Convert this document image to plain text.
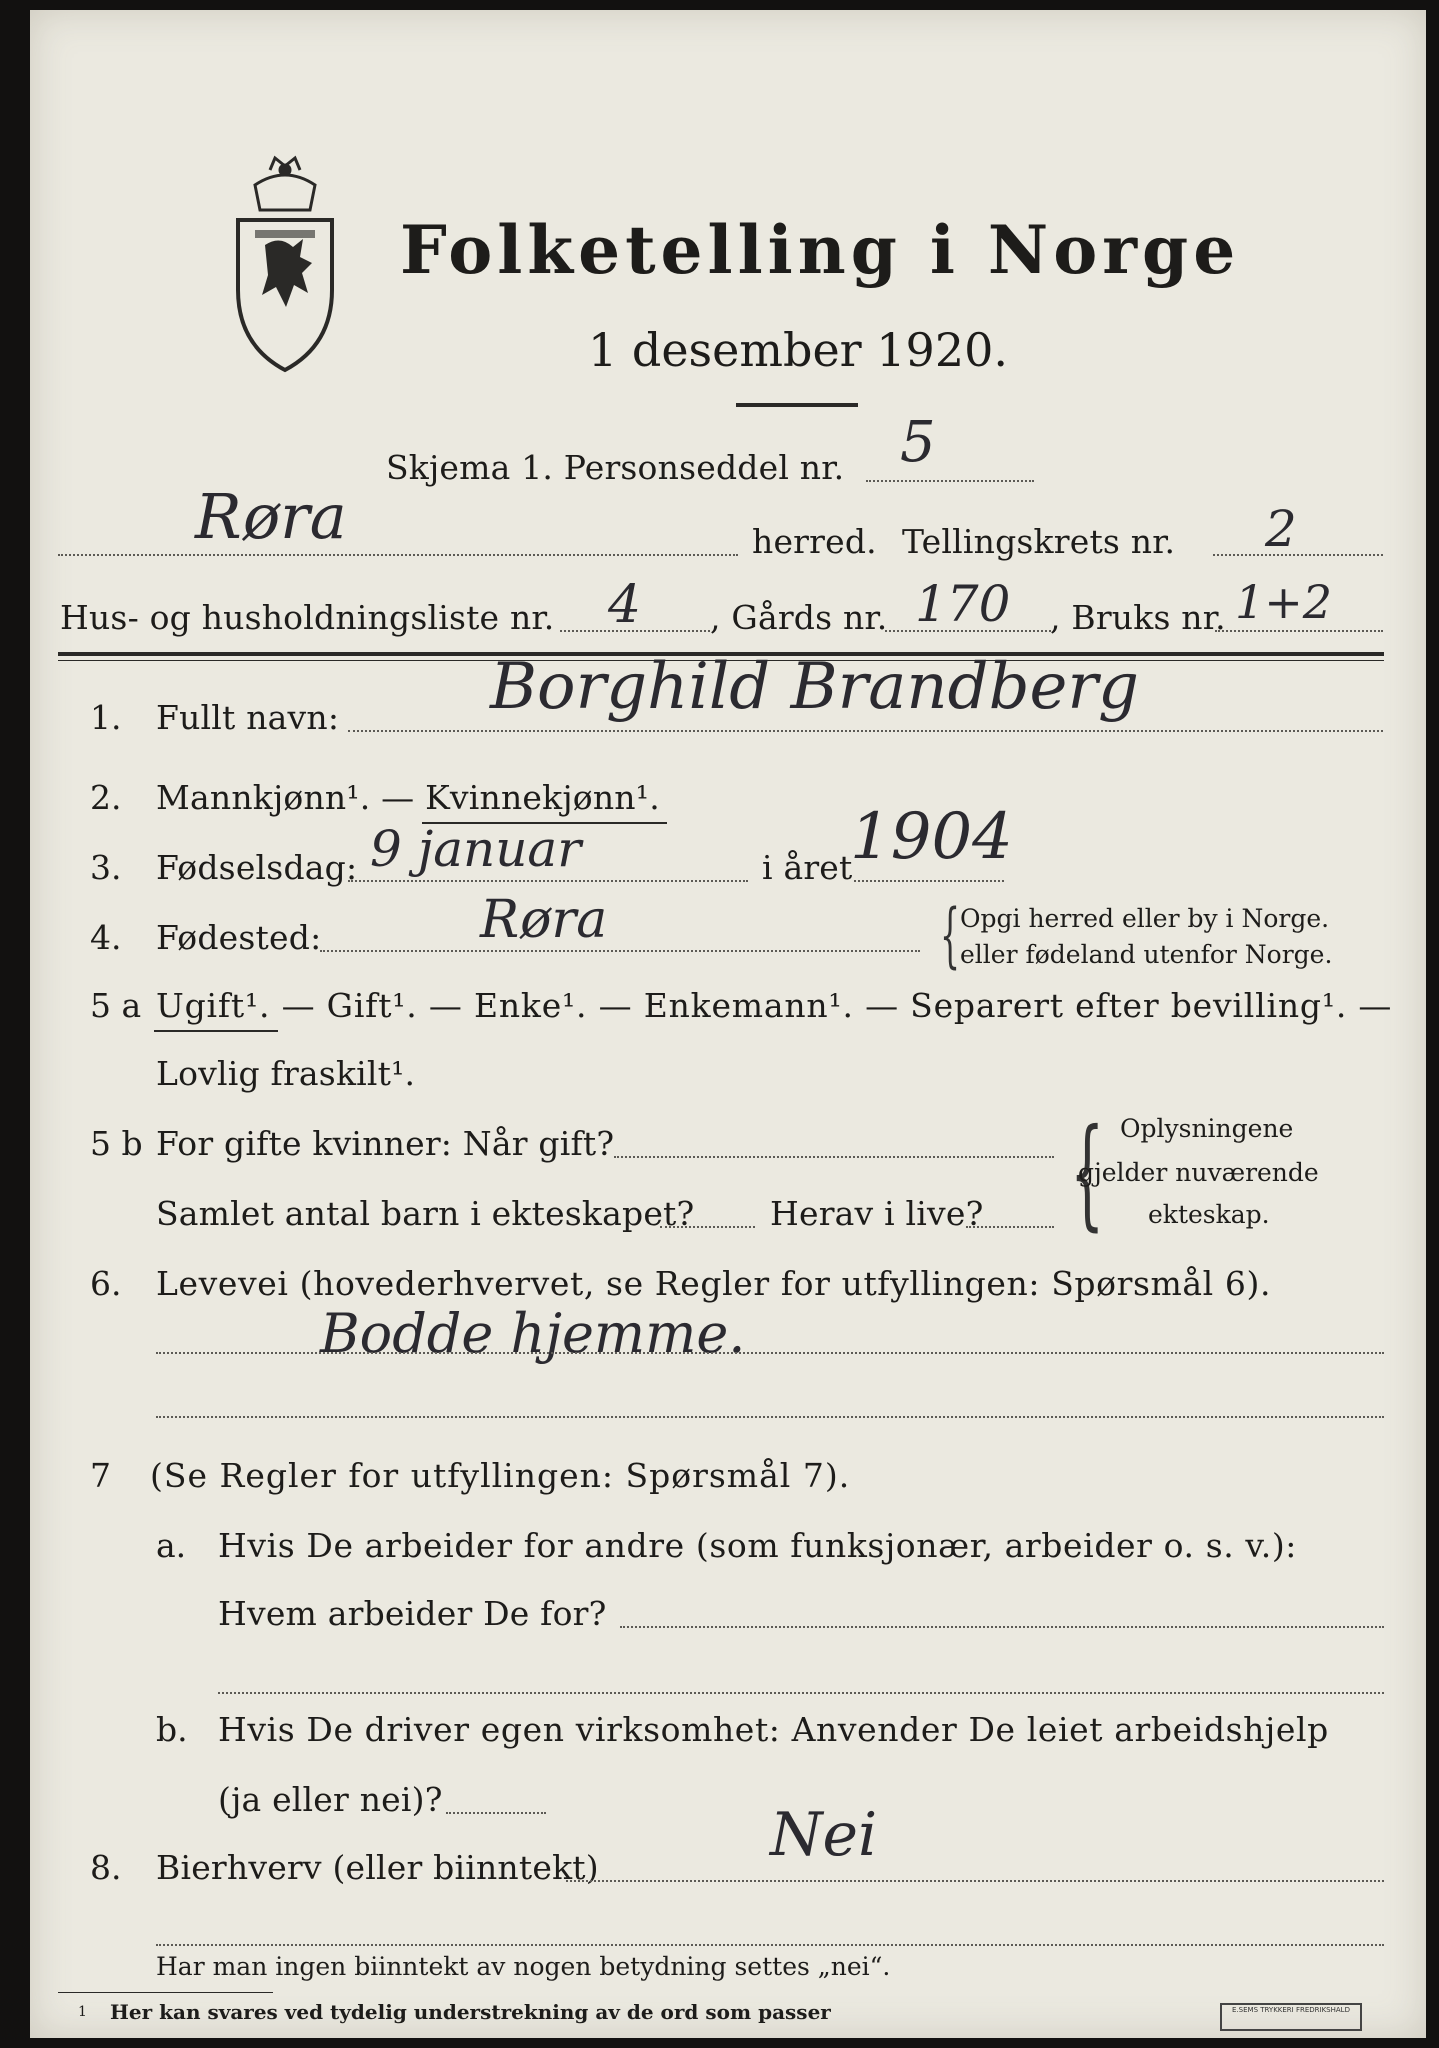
Folketelling i Norge
1 desember 1920.
Røra
Skjema 1. Personseddel nr. 5
herred. Tellingskrets nr. 2
Hus- og husholdningsliste nr. 4 , Gårds nr. 170 , Bruks nr. 1+2
1. Fullt navn: Borghild Brandberg
2. Mannkjønn¹. — Kvinnekjønn¹.
3. Fødselsdag: 9 januar	i året
1904
4. Fødested:	Røra	{ Opgi herred eller by i Norge.
eller fødeland utenfor Norge.
5 a Ugift¹. — Gift¹. — Enke¹. — Enkemann¹. — Separert efter bevilling¹. —
Lovlig fraskilt¹.
5 b For gifte kvinner: Når gift?
Samlet antal barn i ekteskapet? Herav i live? { Oplysningene
gjelder nuværende
ekteskap.
6. Levevei (hovederhvervet, se Regler for utfyllingen: Spørsmål 6).
Bodde hjemme.
7 (Se Regler for utfyllingen: Spørsmål 7).
a. Hvis De arbeider for andre (som funksjonær, arbeider o. s. v.):
Hvem arbeider De for?
b. Hvis De driver egen virksomhet: Anvender De leiet arbeidshjelp
(ja eller nei)?
8. Bierhverv (eller biinntekt)	Nei
Har man ingen biinntekt av nogen betydning settes „nei“.
1 Her kan svares ved tydelig understrekning av de ord som passer	E.SEMS TRYKKERI FREDRIKSHALD
